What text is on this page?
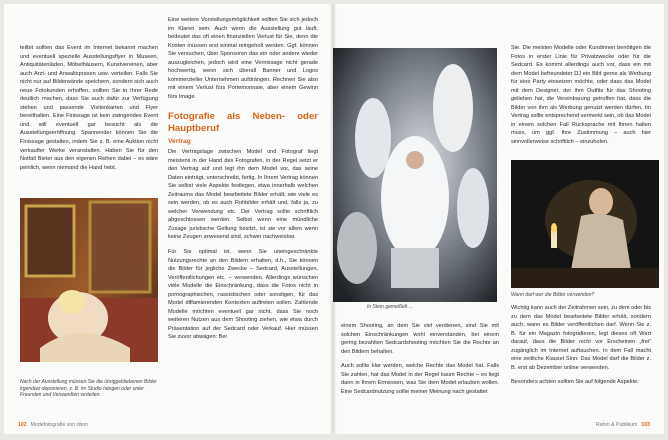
teilbit sollten das Event im Internet bekannt machen und eventuell spezielle Ausstellungsflyer in Museen, Antiquitätenläden, Möbelhäusern, Kunstvereinen, aber auch Arzt- und Anwaltspraxen usw. verteilen. Falls Sie nicht nur auf Bilderwände speichern, sondern sich auch neue Fotokunden erhoffen, sollten Sie in Ihrer Rede deutlich machen, dass Sie auch dafür zur Verfügung stehen und passende Visitenkarten und Flyer bereithalten. Eine Finissage ist kein zwingendes Event und will eventuell gar besucht als die Ausstellungseröffnung. Spannender können Sie die Finissage gestalten, indem Sie z. B. eine Auktion nicht verkaufter Werke veranstalten. Haben Sie für den Notfall Bieter aus den eigenen Reihen dabei – es wäre peinlich, wenn niemand die Hand hebt.

Nach der Ausstellung müssen Sie die übriggebliebenen Bilder irgendwo deponieren, z. B. im Studio hängen oder unter Freunden und Verwandten verteilen.

Eine weitere Vorstellungsmöglichkeit sollten Sie sich jedoch im Klaren sein: Auch wenn die Ausstellung gut läuft, bedeutet das oft einen finanziellen Verlust für Sie, denn die Kosten müssen erst einmal reingeholt werden. Ggf. können Sie versuchen, über Sponsoren das ein oder andere wieder auszugleichen, jedoch wird eine Vernissage nicht gerade hochwertig, wenn sich überall Banner und Logos kommerzieller Unternehmen aufdrängen. Rechnen Sie also mit einem Verlust fürs Portemonnaie, aber einem Gewinn fürs Image.

Fotografie als Neben- oder Hauptberuf
Vertrag

Die Vertragslage zwischen Model und Fotograf liegt meistens in der Hand des Fotografen, in der Regel setzt er den Vertrag auf und legt ihn dem Model vor, das seine Daten einträgt, unterschreibt, fertig. In Ihrem Vertrag können Sie selbst viele Aspekte festlegen, etwa innerhalb welchen Zeitraums das Model bearbeitete Bilder erhält, wie viele es sein werden, ob es auch Rohbilder erhält und, falls ja, zu welcher Verwendung etc. Der Vertrag sollte schriftlich abgeschlossen werden. Selbst wenn eine mündliche Zusage juristische Geltung besitzt, ist sie vor allem wenn keine Zeugen anwesend sind, schwer nachweisbar.

Für Sie optimal ist, wenn Sie uneingeschränkte Nutzungsrechte an den Bildern erhalten, d.h., Sie können die Bilder für jegliche Zwecke – Sedcard, Ausstellungen, Veröffentlichungen etc. – verwenden. Allerdings wünschen viele Modelle die Einschränkung, dass die Fotos nicht in pornographischen, rassistischen oder sonstigen, für das Model diffamierenden Kontexten auftreten sollen. Zahlende Modelle möchten eventuell gar nicht, dass Sie noch weiteren Nutzen aus dem Shooting ziehen, wie etwa durch Präsentation auf der Sedcard oder Verkauf. Hier müssen Sie zuvor abwägen: Bei

102 Modefotografie von oben
In Stein gemeißelt ...

Sie. Die meisten Modelle oder Kundinnen benötigen die Fotos in erster Linie für Privatzwecke oder für die Sedcard. Es kommt allerdings auch vor, dass ein mit dem Model befreundeter DJ ein Bild gerne als Werbung für eine Party einsetzen möchte, oder dass das Model mit dem Designer, der ihm Outfits für das Shooting geliehen hat, die Vereinbarung getroffen hat, dass die Bilder von ihm als Werbung genutzt werden dürfen. Im Vertrag sollte entsprechend vermerkt sein, ob das Model in einem solchen Fall Rücksprache mit Ihnen halten muss, um ggf. Ihre Zustimmung – auch hier sinnvollerweise schriftlich – einzuholen.

Wann darf wer die Bilder verwenden?

einem Shooting, an dem Sie viel verdienen, sind Sie mit solchen Einschränkungen wohl einverstanden, bei einem gering bezahlten Sedcardshooting möchten Sie die Rechte an den Bildern behalten.

Auch sollte klar werden, welche Rechte das Model hat. Falls Sie zahlen, hat das Model in der Regel kaum Rechte – es liegt dann in Ihrem Ermessen, was Sie dem Model erlauben wollen. Eine Sedcardnutzung sollte meiner Meinung nach gestattet

Wichtig kann auch der Zeitrahmen sein, zu dem oder bis zu dem das Model bearbeitete Bilder erhält, sondern auch, wann es Bilder veröffentlichen darf. Wenn Sie z. B. für ein Magazin fotografieren, legt dieses oft Wert darauf, dass die Bilder nicht vor Erscheinen „frei“ zugänglich im Internet auftauchen. In dem Fall macht eine zeitliche Klausel Sinn: Das Model darf die Bilder z. B. erst ab Dezember online verwenden.

Besonders achten sollten Sie auf folgende Aspekte:

Rahm & Publikum 103
